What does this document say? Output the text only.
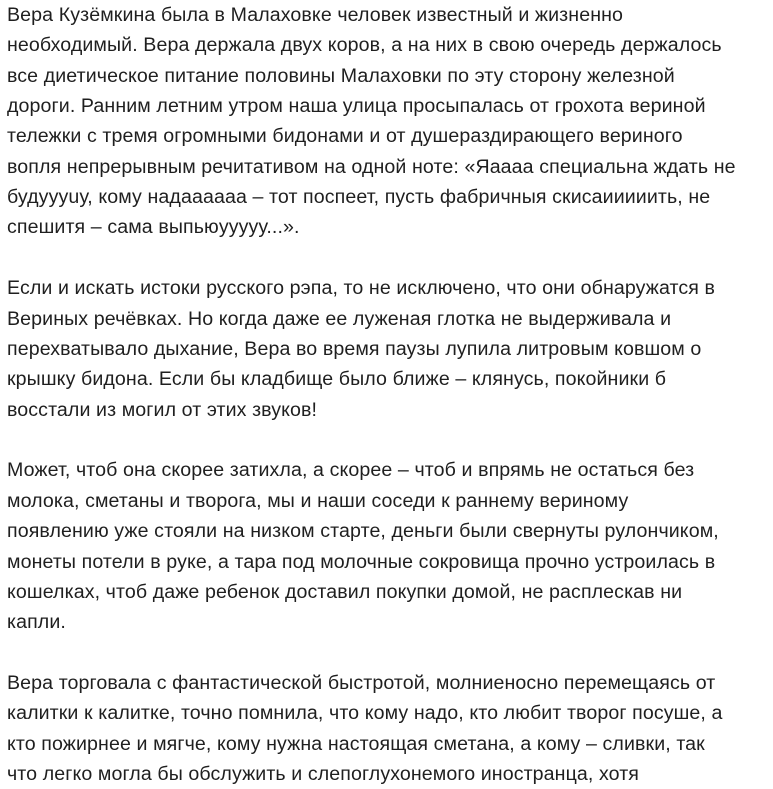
Вера Кузёмкина была в Малаховке человек известный и жизненно
необходимый. Вера держала двух коров, а на них в свою очередь держалось
все диетическое питание половины Малаховки по эту сторону железной
дороги. Ранним летним утром наша улица просыпалась от грохота вериной
тележки с тремя огромными бидонами и от душераздирающего вериного
вопля непрерывным речитативом на одной ноте: «Яаааа специальна ждать не
будуууuу, кому надаааааа – тот поспеет, пусть фабричныя скисаииииить, не
спешитя – сама выпьюуууyу...».

Если и искать истоки русского рэпа, то не исключено, что они обнаружатся в
Вериных речёвках. Но когда даже ее луженая глотка не выдерживала и
перехватывало дыхание, Вера во время паузы лупила литровым ковшом о
крышку бидона. Если бы кладбище было ближе – клянусь, покойники б
восстали из могил от этих звуков!

Может, чтоб она скорее затихла, а скорее – чтоб и впрямь не остаться без
молока, сметаны и творога, мы и наши соседи к раннему вериному
появлению уже стояли на низком старте, деньги были свернуты рулончиком,
монеты потели в руке, а тара под молочные сокровища прочно устроилась в
кошелках, чтоб даже ребенок доставил покупки домой, не расплескав ни
капли.

Вера торговала с фантастической быстротой, молниеносно перемещаясь от
калитки к калитке, точно помнила, что кому надо, кто любит творог посуше, а
кто пожирнее и мягче, кому нужна настоящая сметана, а кому – сливки, так
что легко могла бы обслужить и слепоглухонемого иностранца, хотя
